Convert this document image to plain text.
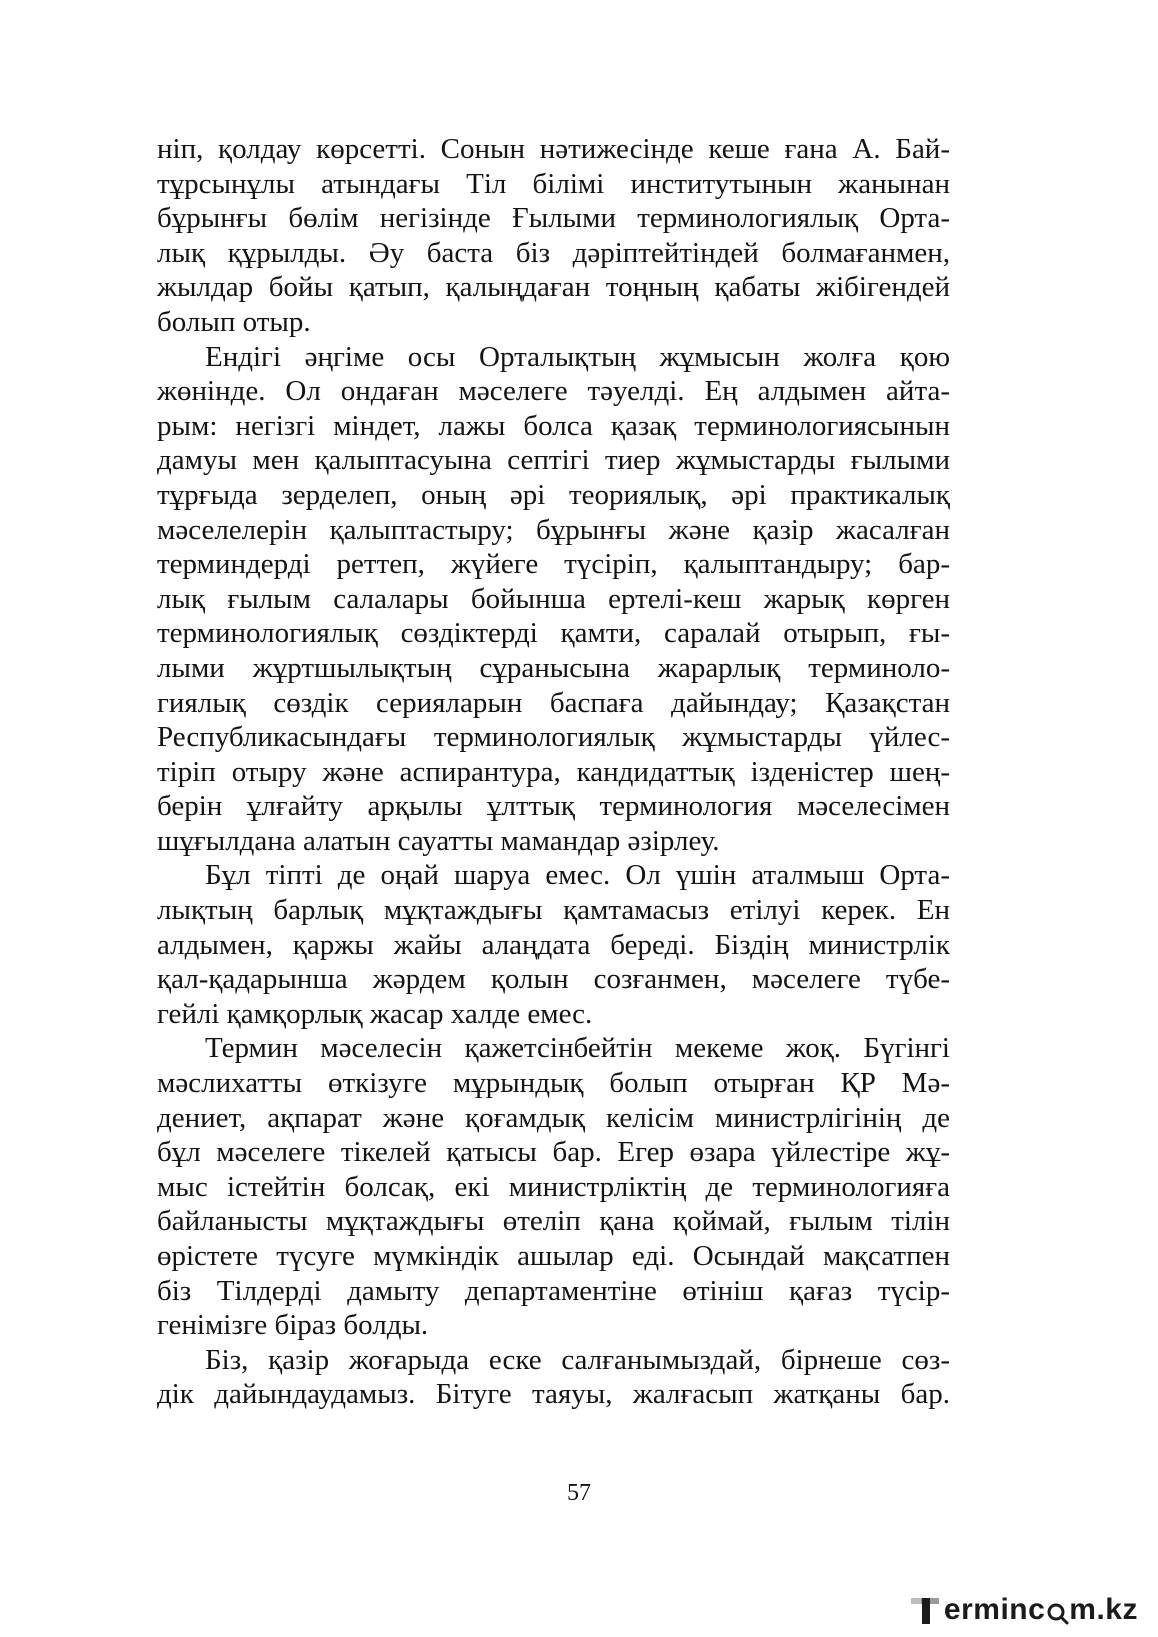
ніп, қолдау көрсетті. Сонын нәтижесінде кеше ғана А. Бай-
тұрсынұлы атындағы Тіл білімі институтынын жанынан
бұрынғы бөлім негізінде Ғылыми терминологиялық Орта-
лық құрылды. Әу баста біз дәріптейтіндей болмағанмен,
жылдар бойы қатып, қалыңдаған тоңның қабаты жібігендей
болып отыр.
Ендігі әңгіме осы Орталықтың жұмысын жолға қою
жөнінде. Ол ондаған мәселеге тәуелді. Ең алдымен айта-
рым: негізгі міндет, лажы болса қазақ терминологиясынын
дамуы мен қалыптасуына септігі тиер жұмыстарды ғылыми
тұрғыда зерделеп, оның әрі теориялық, әрі практикалық
мәселелерін қалыптастыру; бұрынғы және қазір жасалған
терминдерді реттеп, жүйеге түсіріп, қалыптандыру; бар-
лық ғылым салалары бойынша ертелі-кеш жарық көрген
терминологиялық сөздіктерді қамти, саралай отырып, ғы-
лыми жұртшылықтың сұранысына жарарлық терминоло-
гиялық сөздік серияларын баспаға дайындау; Қазақстан
Республикасындағы терминологиялық жұмыстарды үйлес-
тіріп отыру және аспирантура, кандидаттық ізденістер шең-
берін ұлғайту арқылы ұлттық терминология мәселесімен
шұғылдана алатын сауатты мамандар әзірлеу.
Бұл тіпті де оңай шаруа емес. Ол үшін аталмыш Орта-
лықтың барлық мұқтаждығы қамтамасыз етілуі керек. Ен
алдымен, қаржы жайы алаңдата береді. Біздің министрлік
қал-қадарынша жәрдем қолын созғанмен, мәселеге түбе-
гейлі қамқорлық жасар халде емес.
Термин мәселесін қажетсінбейтін мекеме жоқ. Бүгінгі
мәслихатты өткізуге мұрындық болып отырған ҚР Мә-
дениет, ақпарат және қоғамдық келісім министрлігінің де
бұл мәселеге тікелей қатысы бар. Егер өзара үйлестіре жұ-
мыс істейтін болсақ, екі министрліктің де терминологияға
байланысты мұқтаждығы өтеліп қана қоймай, ғылым тілін
өрістете түсуге мүмкіндік ашылар еді. Осындай мақсатпен
біз Тілдерді дамыту департаментіне өтініш қағаз түсір-
генімізге біраз болды.
Біз, қазір жоғарыда еске салғанымыздай, бірнеше сөз-
дік дайындаудамыз. Бітуге таяуы, жалғасып жатқаны бар.
57
erminc m.kz
